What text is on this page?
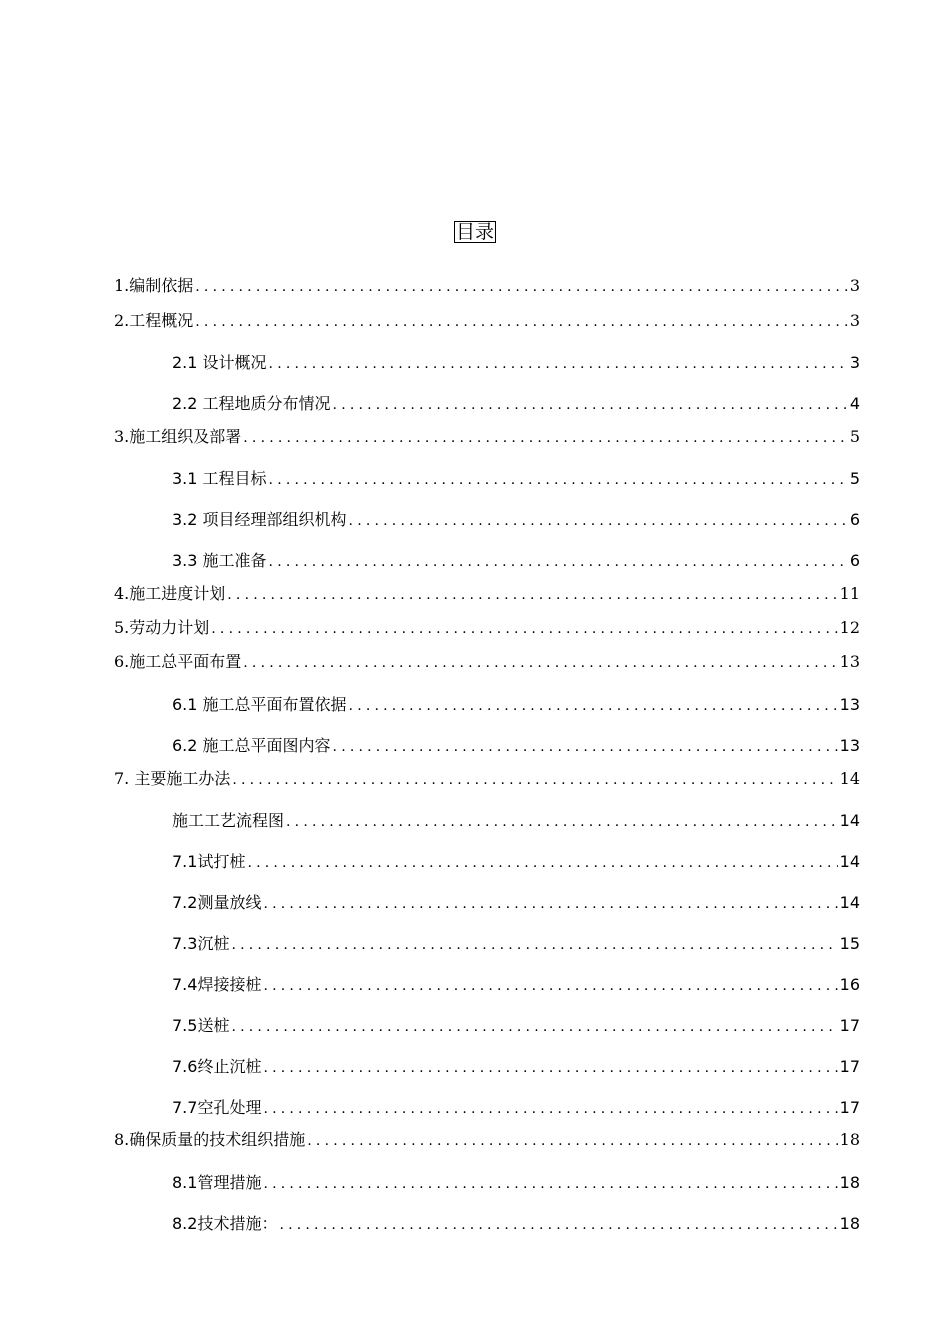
目录
1.编制依据 .....	3
2.工程概况 .....	3
2.1 设计概况 .....	3
2.2 工程地质分布情况 .....	4
3.施工组织及部署 .....	5
3.1 工程目标 .....	5
3.2 项目经理部组织机构 .....	6
3.3 施工准备 .....	6
4.施工进度计划 .....	11
5.劳动力计划 .....	12
6.施工总平面布置 .....	13
6.1 施工总平面布置依据 .....	13
6.2 施工总平面图内容 .....	13
7. 主要施工办法 .....	14
施工工艺流程图 .....	14
7.1试打桩 .....	14
7.2测量放线 .....	14
7.3沉桩 .....	15
7.4焊接接桩 .....	16
7.5送桩 .....	17
7.6终止沉桩 .....	17
7.7空孔处理 .....	17
8.确保质量的技术组织措施 .....	18
8.1管理措施 .....	18
8.2技术措施： .....	18
